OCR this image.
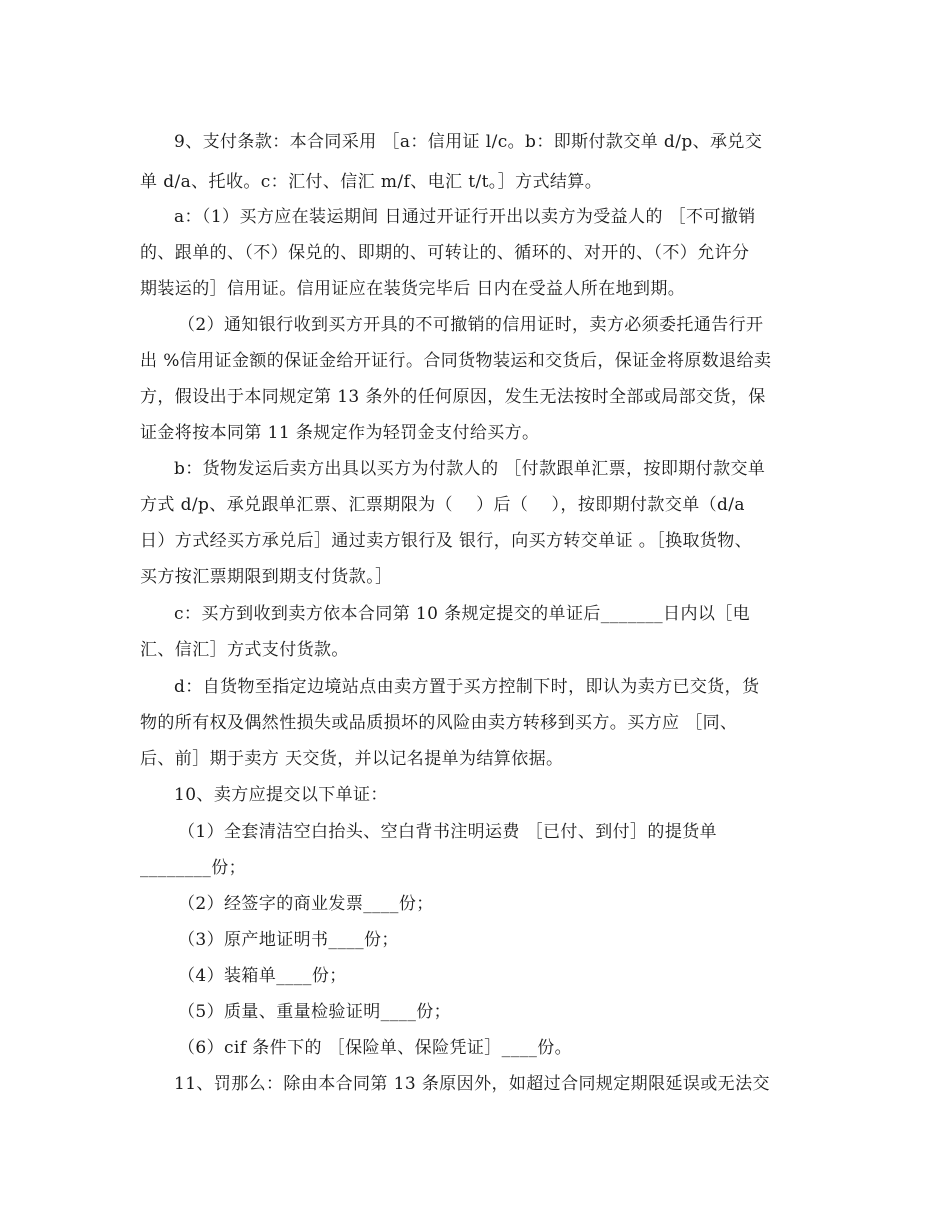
9、支付条款：本合同采用 ［a：信用证 l/c。b：即斯付款交单 d/p、承兑交
单 d/a、托收。c：汇付、信汇 m/f、电汇 t/t。］方式结算。
a：（1）买方应在装运期间 日通过开证行开出以卖方为受益人的 ［不可撤销
的、跟单的、（不）保兑的、即期的、可转让的、循环的、对开的、（不）允许分
期装运的］信用证。信用证应在装货完毕后 日内在受益人所在地到期。
（2）通知银行收到买方开具的不可撤销的信用证时，卖方必须委托通告行开
出 %信用证金额的保证金给开证行。合同货物装运和交货后，保证金将原数退给卖
方，假设出于本同规定第 13 条外的任何原因，发生无法按时全部或局部交货，保
证金将按本同第 11 条规定作为轻罚金支付给买方。
b：货物发运后卖方出具以买方为付款人的 ［付款跟单汇票，按即期付款交单
方式 d/p、承兑跟单汇票、汇票期限为（    ）后（    ），按即期付款交单（d/a
日）方式经买方承兑后］通过卖方银行及 银行，向买方转交单证 。［换取货物、
买方按汇票期限到期支付货款。］
c：买方到收到卖方依本合同第 10 条规定提交的单证后_______日内以［电
汇、信汇］方式支付货款。
d：自货物至指定边境站点由卖方置于买方控制下时，即认为卖方已交货，货
物的所有权及偶然性损失或品质损坏的风险由卖方转移到买方。买方应 ［同、
后、前］期于卖方 天交货，并以记名提单为结算依据。
10、卖方应提交以下单证：
（1）全套清洁空白抬头、空白背书注明运费 ［已付、到付］的提货单
________份；
（2）经签字的商业发票____份；
（3）原产地证明书____份；
（4）装箱单____份；
（5）质量、重量检验证明____份；
（6）cif 条件下的 ［保险单、保险凭证］____份。
11、罚那么：除由本合同第 13 条原因外，如超过合同规定期限延误或无法交
